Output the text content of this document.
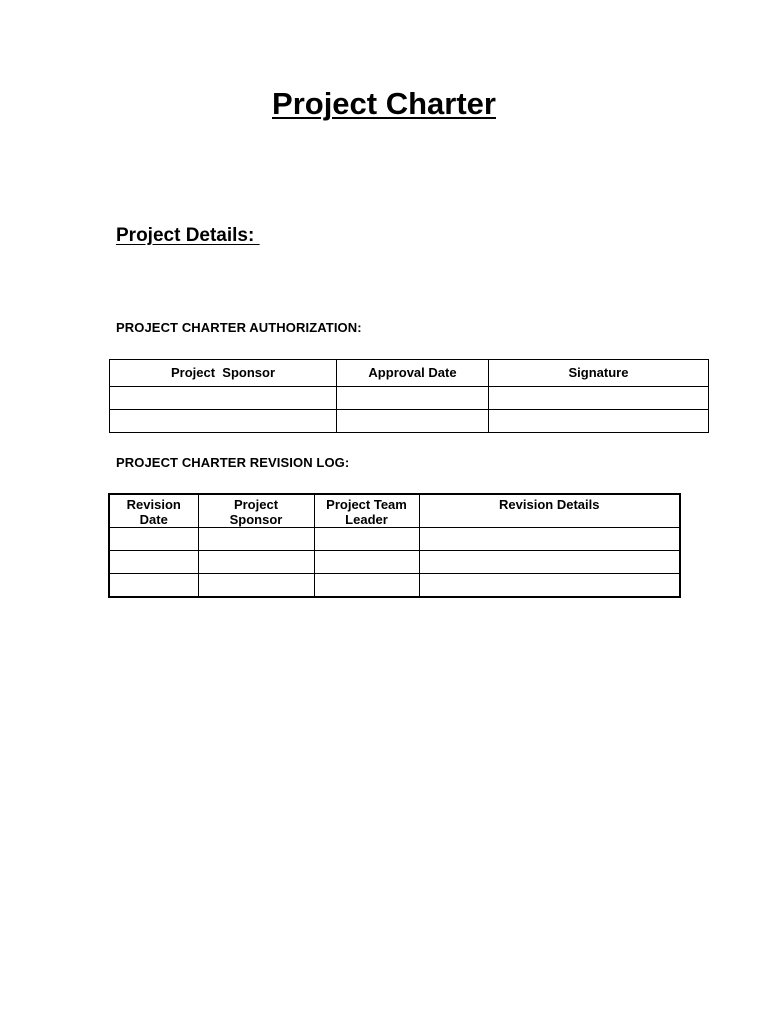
Project Charter
Project Details:
PROJECT CHARTER AUTHORIZATION:
Project  Sponsor	Approval Date	Signature

PROJECT CHARTER REVISION LOG:
Revision Date	Project Sponsor	Project Team Leader	Revision Details
